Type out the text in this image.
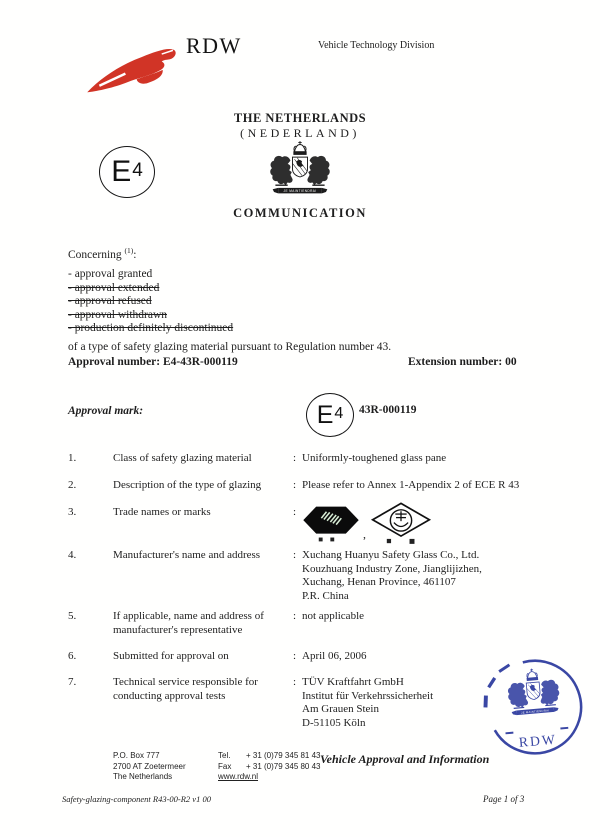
RDW	Vehicle Technology Division
THE NETHERLANDS
(NEDERLAND)
E 4
COMMUNICATION
Concerning $^{(1)}$:
- approval granted
- approval extended
- approval refused
- approval withdrawn
- production definitely discontinued
of a type of safety glazing material pursuant to Regulation number 43.
Approval number: E4-43R-000119	Extension number: 00
Approval mark:	E 4 43R-000119
1.	Class of safety glazing material	: Uniformly-toughened glass pane
2.	Description of the type of glazing	: Please refer to Annex 1-Appendix 2 of ECE R 43
3.	Trade names or marks	:
,
4.	Manufacturer's name and address	: Xuchang Huanyu Safety Glass Co., Ltd.
Kouzhuang Industry Zone, Jianglijizhen,
Xuchang, Henan Province, 461107
P.R. China
5.	If applicable, name and address of
manufacturer's representative
: not applicable
6.	Submitted for approval on	: April 06, 2006
7.	Technical service responsible for
conducting approval tests
: TÜV Kraftfahrt GmbH
Institut für Verkehrssicherheit
Am Grauen Stein
D-51105 Köln
RDW
P.O. Box 777
2700 AT Zoetermeer
The Netherlands
Tel.	+ 31 (0)79 345 81 43
Fax	+ 31 (0)79 345 80 43
www.rdw.nl
Vehicle Approval and Information
Safety-glazing-component R43-00-R2 v1 00	Page 1 of 3
